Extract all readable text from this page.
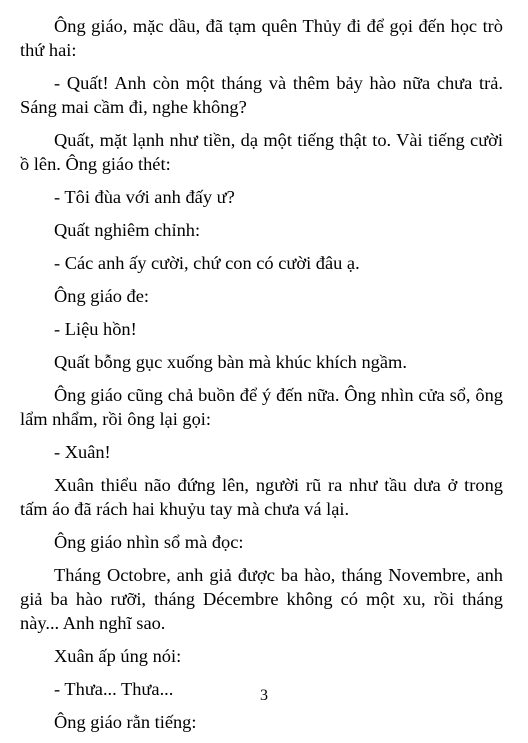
Ông giáo, mặc dầu, đã tạm quên Thủy đi để gọi đến học trò thứ hai:

- Quất! Anh còn một tháng và thêm bảy hào nữa chưa trả. Sáng mai cầm đi, nghe không?

Quất, mặt lạnh như tiền, dạ một tiếng thật to. Vài tiếng cười ồ lên. Ông giáo thét:

- Tôi đùa với anh đấy ư?

Quất nghiêm chỉnh:

- Các anh ấy cười, chứ con có cười đâu ạ.

Ông giáo đe:

- Liệu hồn!

Quất bỗng gục xuống bàn mà khúc khích ngầm.

Ông giáo cũng chả buồn để ý đến nữa. Ông nhìn cửa sổ, ông lẩm nhẩm, rồi ông lại gọi:

- Xuân!

Xuân thiểu não đứng lên, người rũ ra như tầu dưa ở trong tấm áo đã rách hai khuỷu tay mà chưa vá lại.

Ông giáo nhìn sổ mà đọc:

Tháng Octobre, anh giả được ba hào, tháng Novembre, anh giả ba hào rưỡi, tháng Décembre không có một xu, rồi tháng này... Anh nghĩ sao.

Xuân ấp úng nói:

- Thưa... Thưa...

Ông giáo rằn tiếng:

3
